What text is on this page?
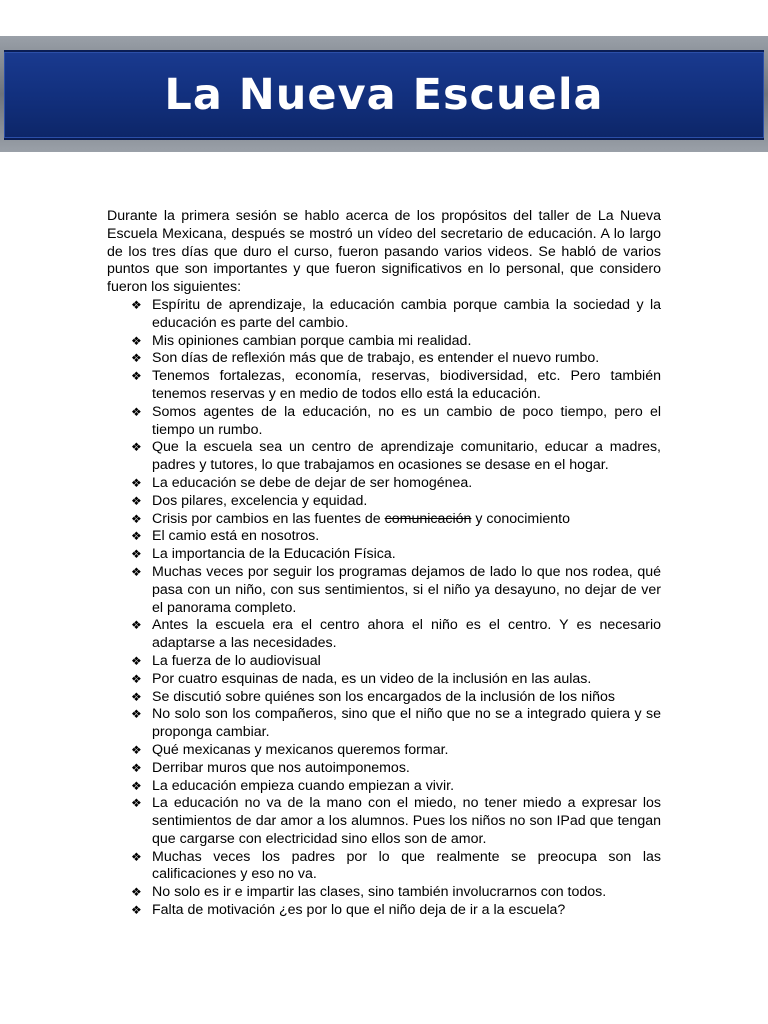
La Nueva Escuela

Durante la primera sesión se hablo acerca de los propósitos del taller de La Nueva Escuela Mexicana, después se mostró un vídeo del secretario de educación. A lo largo de los tres días que duro el curso, fueron pasando varios videos. Se habló de varios puntos que son importantes y que fueron significativos en lo personal, que considero fueron los siguientes:

❖ Espíritu de aprendizaje, la educación cambia porque cambia la sociedad y la educación es parte del cambio.
❖ Mis opiniones cambian porque cambia mi realidad.
❖ Son días de reflexión más que de trabajo, es entender el nuevo rumbo.
❖ Tenemos fortalezas, economía, reservas, biodiversidad, etc. Pero también tenemos reservas y en medio de todos ello está la educación.
❖ Somos agentes de la educación, no es un cambio de poco tiempo, pero el tiempo un rumbo.
❖ Que la escuela sea un centro de aprendizaje comunitario, educar a madres, padres y tutores, lo que trabajamos en ocasiones se desase en el hogar.
❖ La educación se debe de dejar de ser homogénea.
❖ Dos pilares, excelencia y equidad.
❖ Crisis por cambios en las fuentes de comunicación y conocimiento
❖ El camio está en nosotros.
❖ La importancia de la Educación Física.
❖ Muchas veces por seguir los programas dejamos de lado lo que nos rodea, qué pasa con un niño, con sus sentimientos, si el niño ya desayuno, no dejar de ver el panorama completo.
❖ Antes la escuela era el centro ahora el niño es el centro. Y es necesario adaptarse a las necesidades.
❖ La fuerza de lo audiovisual
❖ Por cuatro esquinas de nada, es un video de la inclusión en las aulas.
❖ Se discutió sobre quiénes son los encargados de la inclusión de los niños
❖ No solo son los compañeros, sino que el niño que no se a integrado quiera y se proponga cambiar.
❖ Qué mexicanas y mexicanos queremos formar.
❖ Derribar muros que nos autoimponemos.
❖ La educación empieza cuando empiezan a vivir.
❖ La educación no va de la mano con el miedo, no tener miedo a expresar los sentimientos de dar amor a los alumnos. Pues los niños no son IPad que tengan que cargarse con electricidad sino ellos son de amor.
❖ Muchas veces los padres por lo que realmente se preocupa son las calificaciones y eso no va.
❖ No solo es ir e impartir las clases, sino también involucrarnos con todos.
❖ Falta de motivación ¿es por lo que el niño deja de ir a la escuela?
